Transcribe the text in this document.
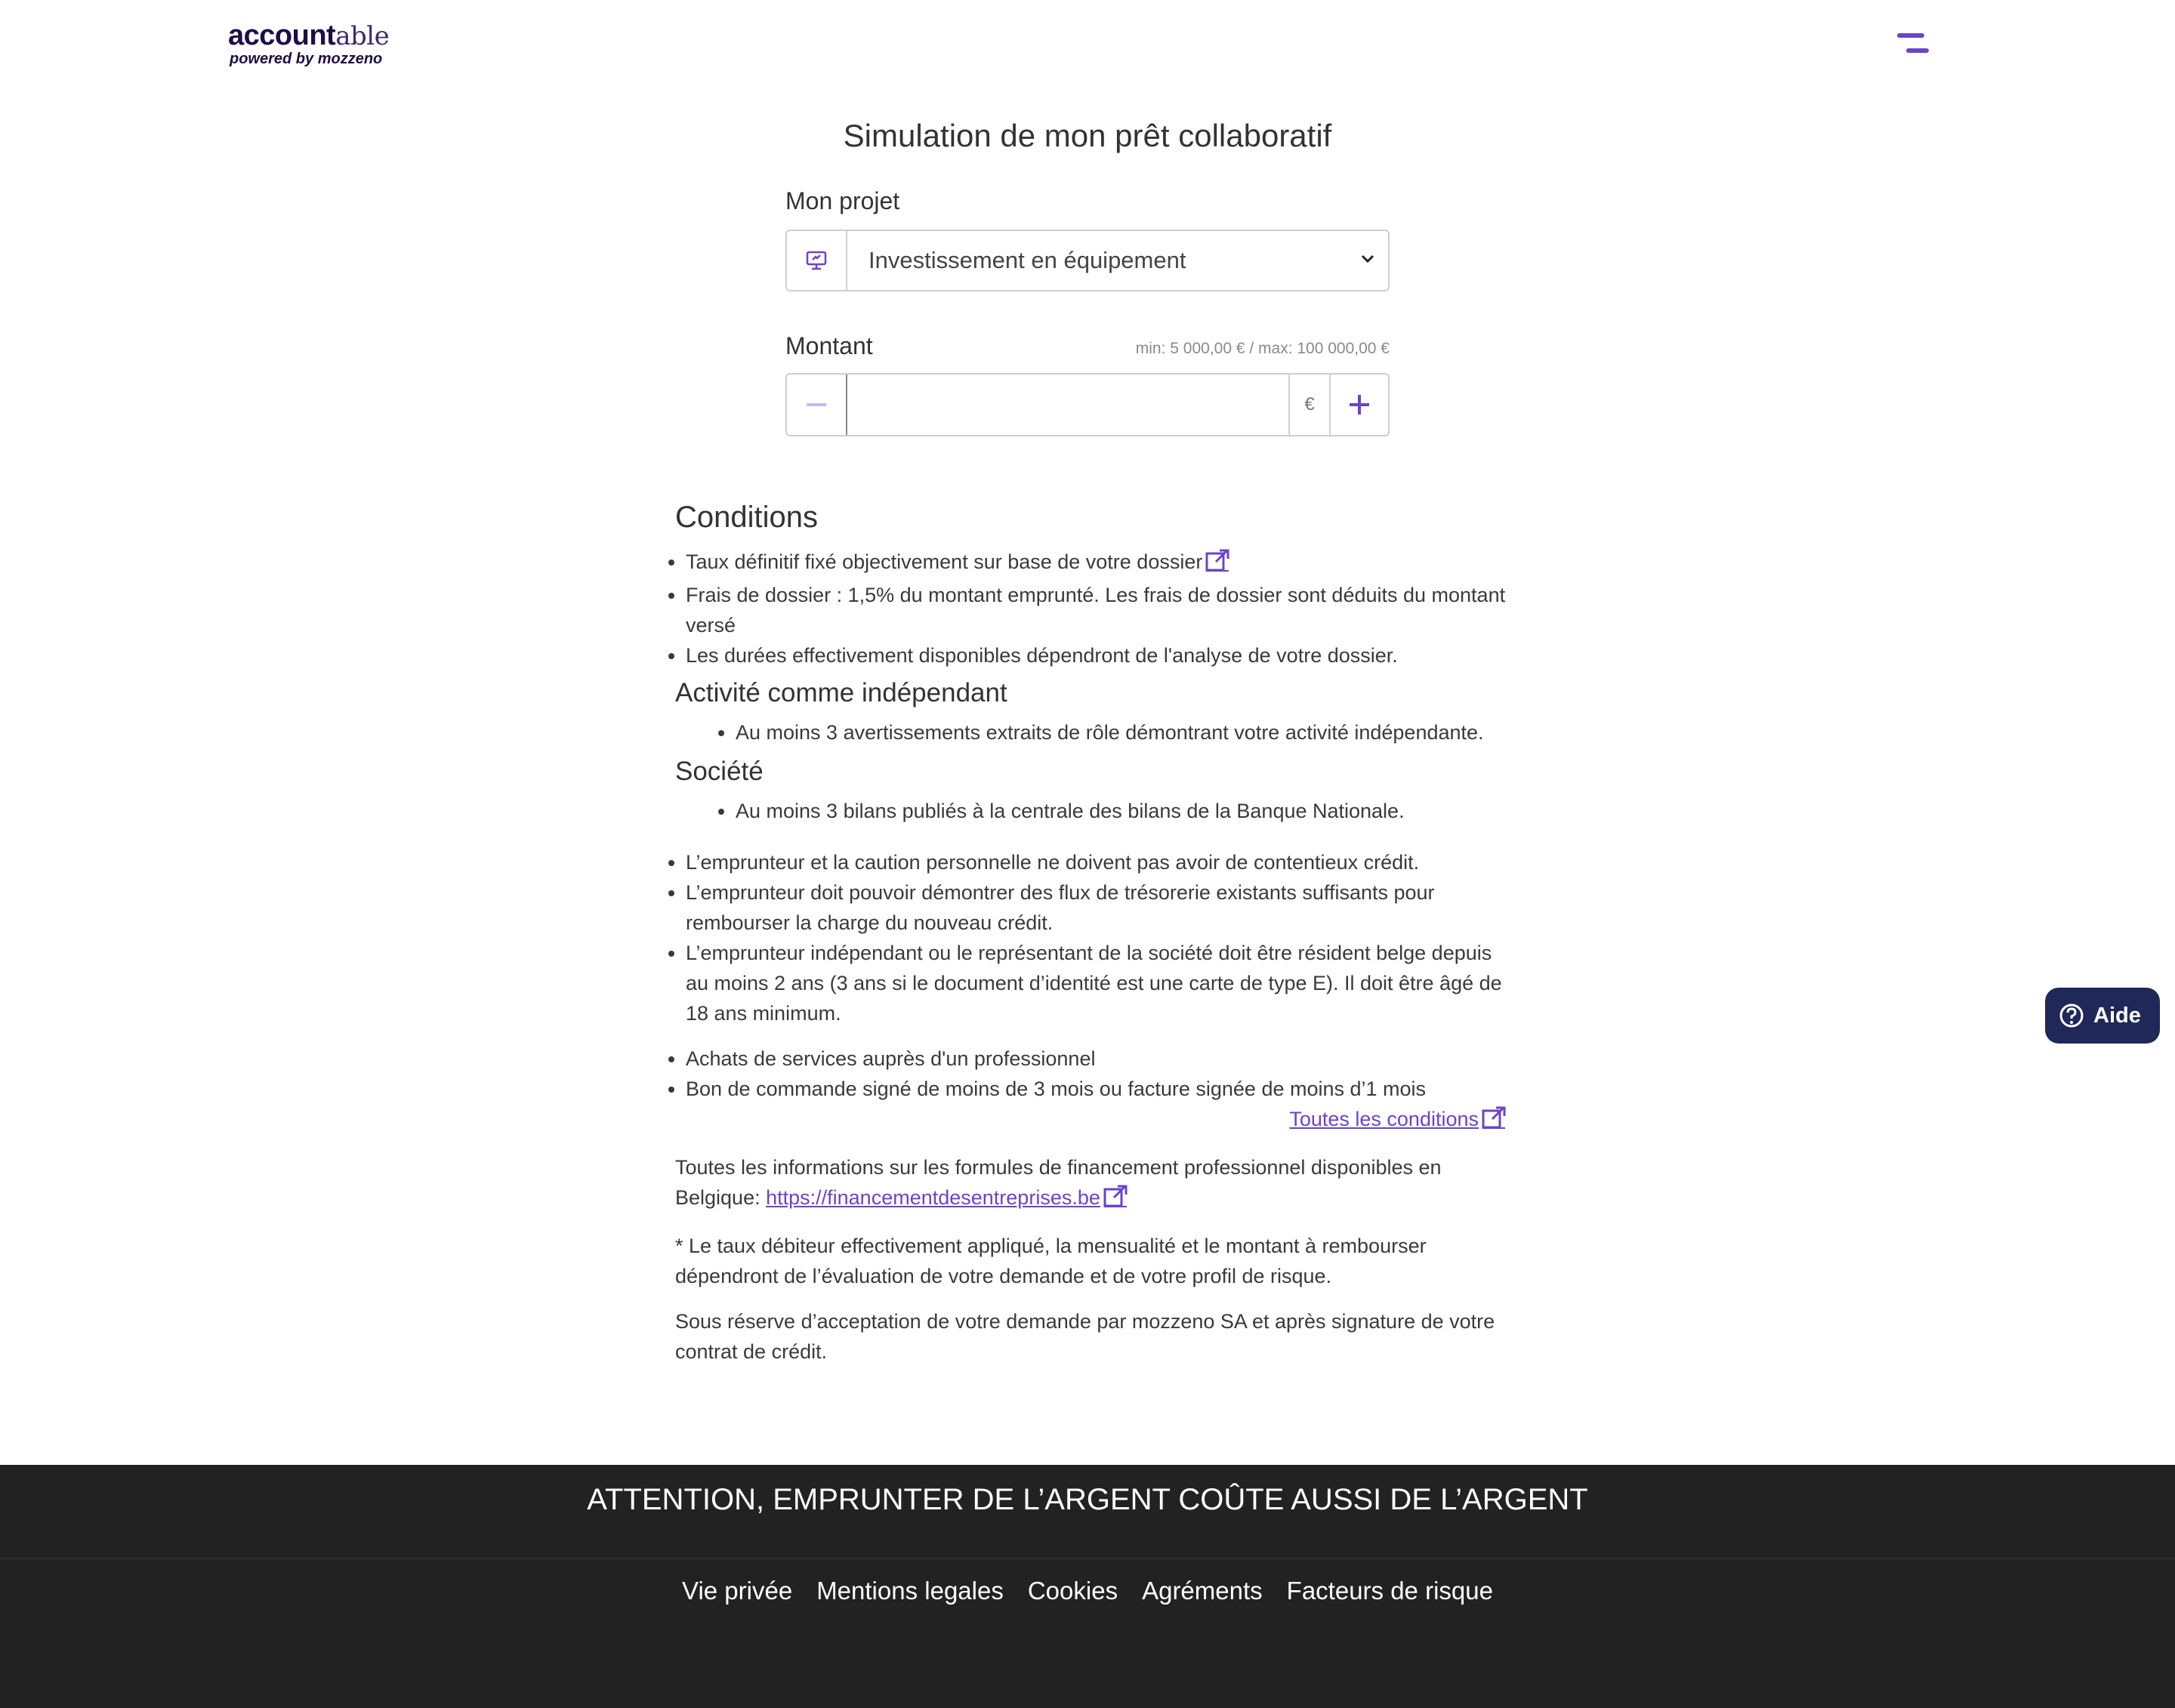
accountable
powered by mozzeno
Simulation de mon prêt collaboratif
Mon projet
Investissement en équipement
Montant	min: 5 000,00 € / max: 100 000,00 €
€
Conditions
• Taux définitif fixé objectivement sur base de votre dossier
• Frais de dossier : 1,5% du montant emprunté. Les frais de dossier sont déduits du montant versé
• Les durées effectivement disponibles dépendront de l'analyse de votre dossier.
Activité comme indépendant
• Au moins 3 avertissements extraits de rôle démontrant votre activité indépendante.
Société
• Au moins 3 bilans publiés à la centrale des bilans de la Banque Nationale.
• L’emprunteur et la caution personnelle ne doivent pas avoir de contentieux crédit.
• L’emprunteur doit pouvoir démontrer des flux de trésorerie existants suffisants pour rembourser la charge du nouveau crédit.
• L’emprunteur indépendant ou le représentant de la société doit être résident belge depuis au moins 2 ans (3 ans si le document d’identité est une carte de type E). Il doit être âgé de 18 ans minimum.
• Achats de services auprès d'un professionnel
• Bon de commande signé de moins de 3 mois ou facture signée de moins d’1 mois
Toutes les conditions

Toutes les informations sur les formules de financement professionnel disponibles en Belgique: https://financementdesentreprises.be

* Le taux débiteur effectivement appliqué, la mensualité et le montant à rembourser dépendront de l’évaluation de votre demande et de votre profil de risque.

Sous réserve d’acceptation de votre demande par mozzeno SA et après signature de votre contrat de crédit.

Aide
ATTENTION, EMPRUNTER DE L’ARGENT COÛTE AUSSI DE L’ARGENT
Vie privée Mentions legales Cookies Agréments Facteurs de risque
